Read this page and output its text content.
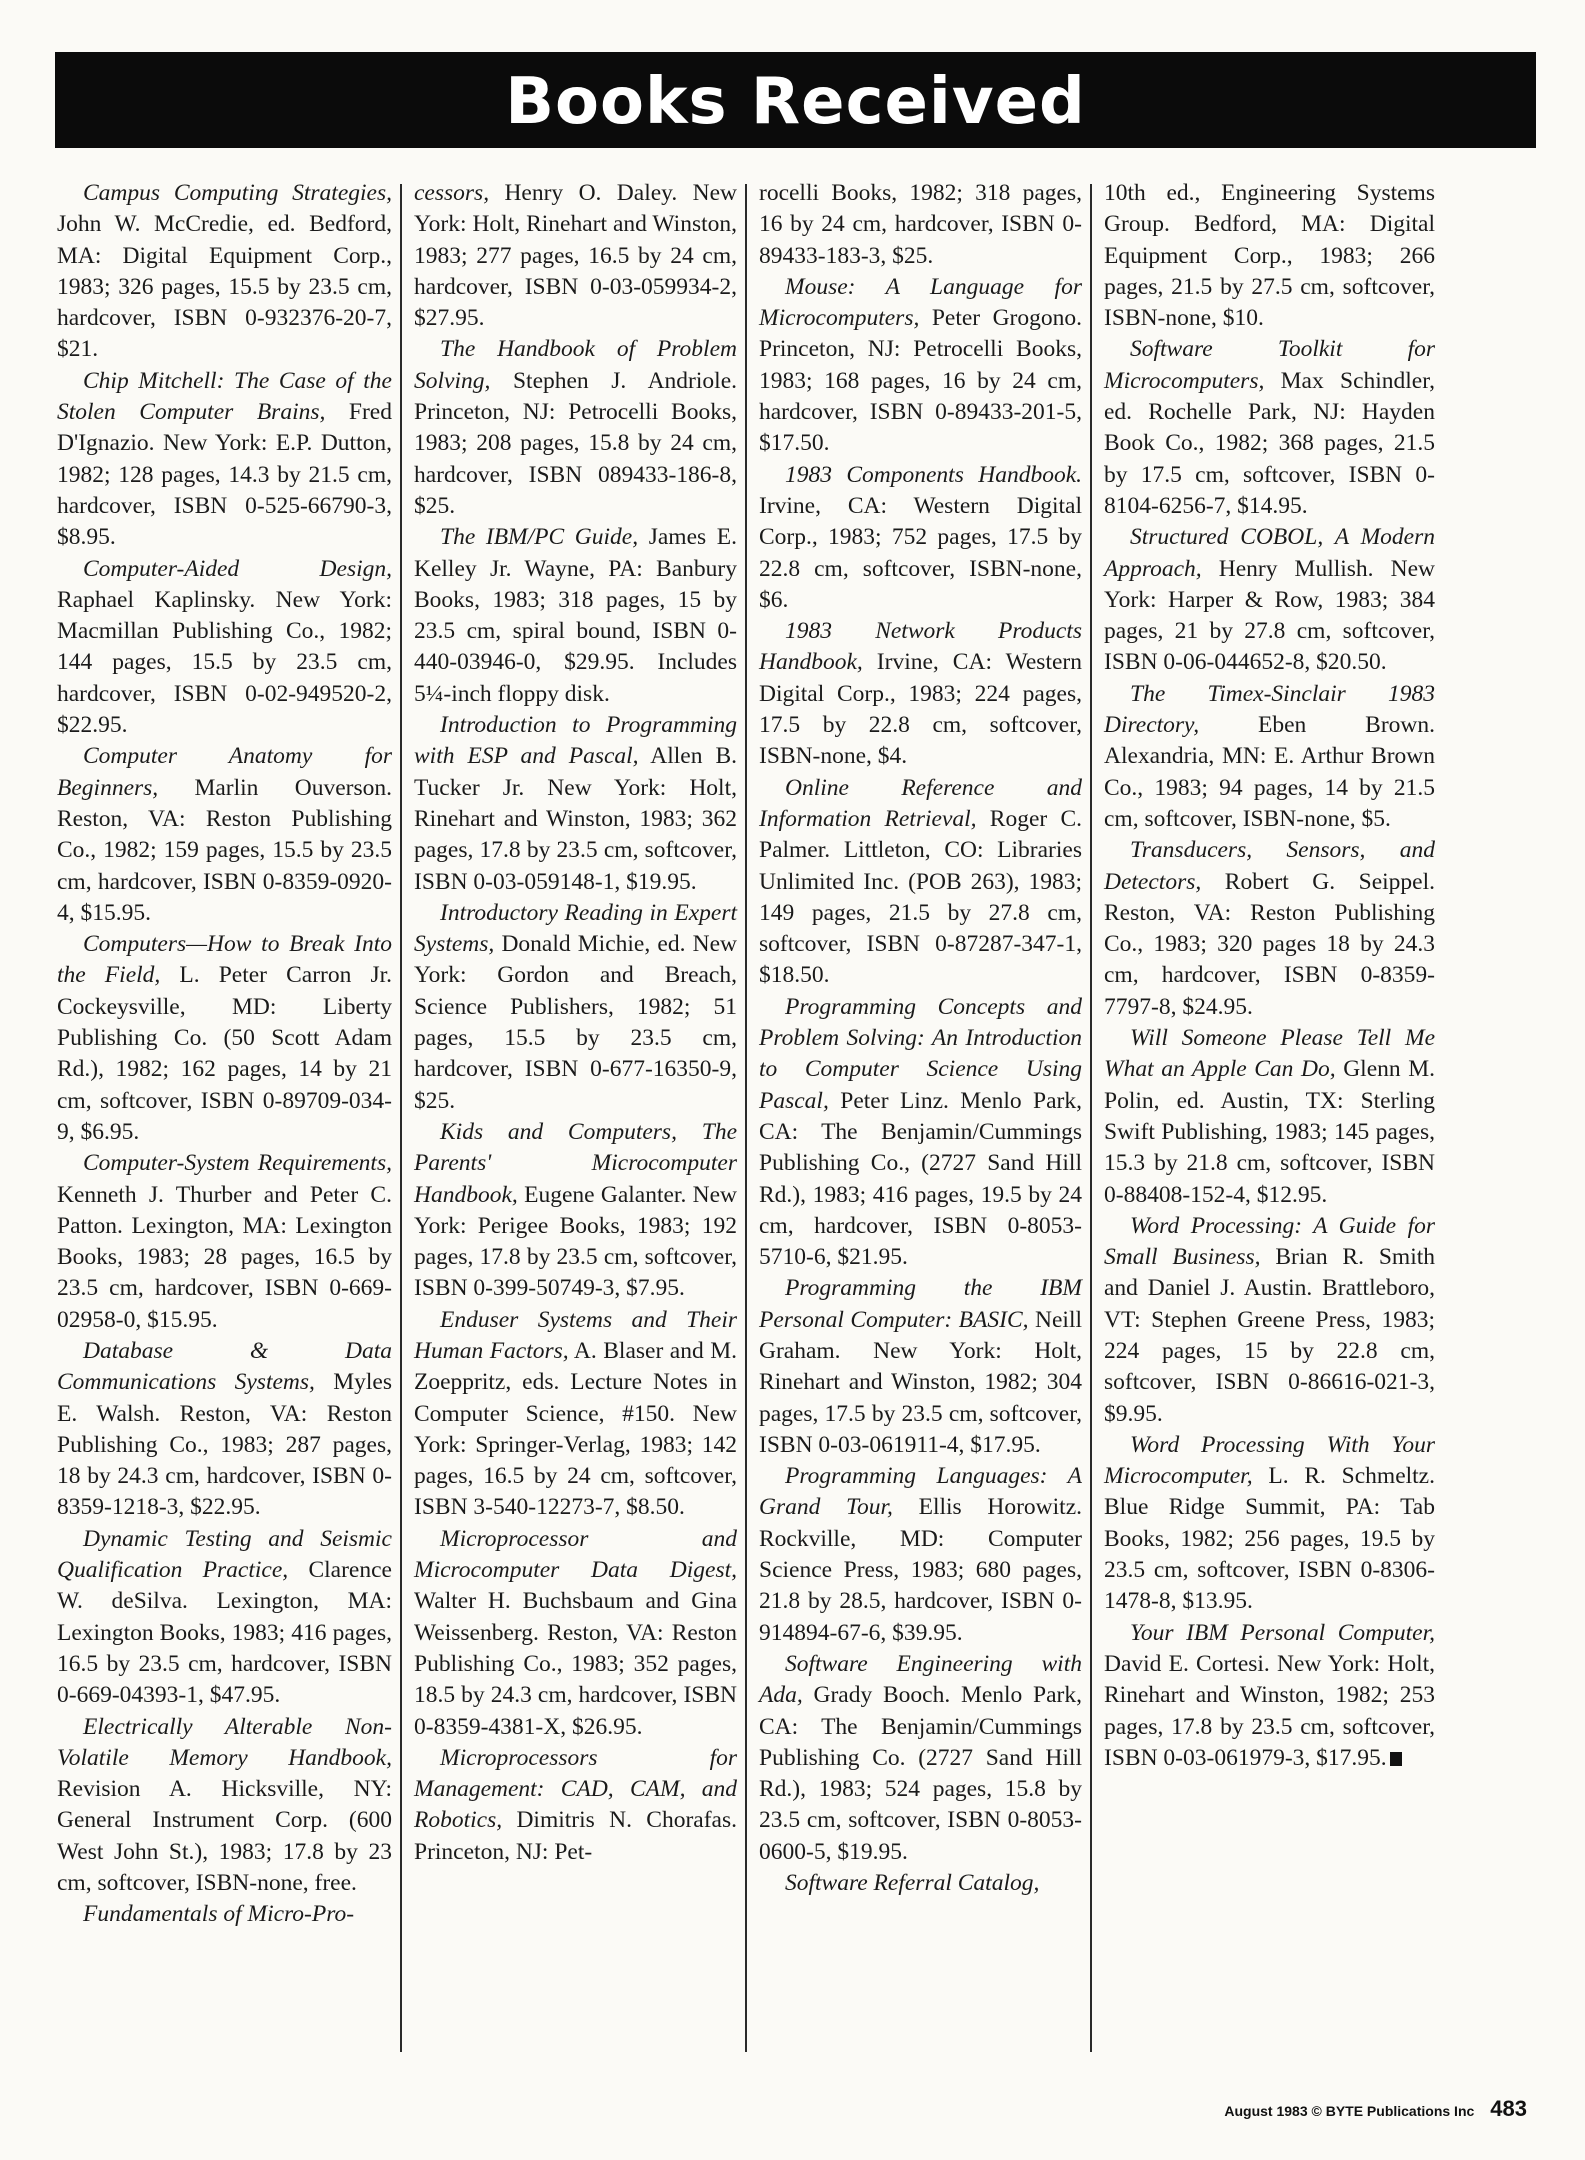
Books Received

Campus Computing Strategies, John W. McCredie, ed. Bedford, MA: Digital Equipment Corp., 1983; 326 pages, 15.5 by 23.5 cm, hardcover, ISBN 0-932376-20-7, $21.

Chip Mitchell: The Case of the Stolen Computer Brains, Fred D'Ignazio. New York: E.P. Dutton, 1982; 128 pages, 14.3 by 21.5 cm, hardcover, ISBN 0-525-66790-3, $8.95.

Computer-Aided Design, Raphael Kaplinsky. New York: Macmillan Publishing Co., 1982; 144 pages, 15.5 by 23.5 cm, hardcover, ISBN 0-02-949520-2, $22.95.

Computer Anatomy for Beginners, Marlin Ouverson. Reston, VA: Reston Publishing Co., 1982; 159 pages, 15.5 by 23.5 cm, hardcover, ISBN 0-8359-0920-4, $15.95.

Computers—How to Break Into the Field, L. Peter Carron Jr. Cockeysville, MD: Liberty Publishing Co. (50 Scott Adam Rd.), 1982; 162 pages, 14 by 21 cm, softcover, ISBN 0-89709-034-9, $6.95.

Computer-System Requirements, Kenneth J. Thurber and Peter C. Patton. Lexington, MA: Lexington Books, 1983; 28 pages, 16.5 by 23.5 cm, hardcover, ISBN 0-669-02958-0, $15.95.

Database & Data Communications Systems, Myles E. Walsh. Reston, VA: Reston Publishing Co., 1983; 287 pages, 18 by 24.3 cm, hardcover, ISBN 0-8359-1218-3, $22.95.

Dynamic Testing and Seismic Qualification Practice, Clarence W. deSilva. Lexington, MA: Lexington Books, 1983; 416 pages, 16.5 by 23.5 cm, hardcover, ISBN 0-669-04393-1, $47.95.

Electrically Alterable Non-Volatile Memory Handbook, Revision A. Hicksville, NY: General Instrument Corp. (600 West John St.), 1983; 17.8 by 23 cm, softcover, ISBN-none, free.

Fundamentals of Micro-Pro-

cessors, Henry O. Daley. New York: Holt, Rinehart and Winston, 1983; 277 pages, 16.5 by 24 cm, hardcover, ISBN 0-03-059934-2, $27.95.

The Handbook of Problem Solving, Stephen J. Andriole. Princeton, NJ: Petrocelli Books, 1983; 208 pages, 15.8 by 24 cm, hardcover, ISBN 089433-186-8, $25.

The IBM/PC Guide, James E. Kelley Jr. Wayne, PA: Banbury Books, 1983; 318 pages, 15 by 23.5 cm, spiral bound, ISBN 0-440-03946-0, $29.95. Includes 5¼-inch floppy disk.

Introduction to Programming with ESP and Pascal, Allen B. Tucker Jr. New York: Holt, Rinehart and Winston, 1983; 362 pages, 17.8 by 23.5 cm, softcover, ISBN 0-03-059148-1, $19.95.

Introductory Reading in Expert Systems, Donald Michie, ed. New York: Gordon and Breach, Science Publishers, 1982; 51 pages, 15.5 by 23.5 cm, hardcover, ISBN 0-677-16350-9, $25.

Kids and Computers, The Parents' Microcomputer Handbook, Eugene Galanter. New York: Perigee Books, 1983; 192 pages, 17.8 by 23.5 cm, softcover, ISBN 0-399-50749-3, $7.95.

Enduser Systems and Their Human Factors, A. Blaser and M. Zoeppritz, eds. Lecture Notes in Computer Science, #150. New York: Springer-Verlag, 1983; 142 pages, 16.5 by 24 cm, softcover, ISBN 3-540-12273-7, $8.50.

Microprocessor and Microcomputer Data Digest, Walter H. Buchsbaum and Gina Weissenberg. Reston, VA: Reston Publishing Co., 1983; 352 pages, 18.5 by 24.3 cm, hardcover, ISBN 0-8359-4381-X, $26.95.

Microprocessors for Management: CAD, CAM, and Robotics, Dimitris N. Chorafas. Princeton, NJ: Pet-

rocelli Books, 1982; 318 pages, 16 by 24 cm, hardcover, ISBN 0-89433-183-3, $25.

Mouse: A Language for Microcomputers, Peter Grogono. Princeton, NJ: Petrocelli Books, 1983; 168 pages, 16 by 24 cm, hardcover, ISBN 0-89433-201-5, $17.50.

1983 Components Handbook. Irvine, CA: Western Digital Corp., 1983; 752 pages, 17.5 by 22.8 cm, softcover, ISBN-none, $6.

1983 Network Products Handbook, Irvine, CA: Western Digital Corp., 1983; 224 pages, 17.5 by 22.8 cm, softcover, ISBN-none, $4.

Online Reference and Information Retrieval, Roger C. Palmer. Littleton, CO: Libraries Unlimited Inc. (POB 263), 1983; 149 pages, 21.5 by 27.8 cm, softcover, ISBN 0-87287-347-1, $18.50.

Programming Concepts and Problem Solving: An Introduction to Computer Science Using Pascal, Peter Linz. Menlo Park, CA: The Benjamin/Cummings Publishing Co., (2727 Sand Hill Rd.), 1983; 416 pages, 19.5 by 24 cm, hardcover, ISBN 0-8053-5710-6, $21.95.

Programming the IBM Personal Computer: BASIC, Neill Graham. New York: Holt, Rinehart and Winston, 1982; 304 pages, 17.5 by 23.5 cm, softcover, ISBN 0-03-061911-4, $17.95.

Programming Languages: A Grand Tour, Ellis Horowitz. Rockville, MD: Computer Science Press, 1983; 680 pages, 21.8 by 28.5, hardcover, ISBN 0-914894-67-6, $39.95.

Software Engineering with Ada, Grady Booch. Menlo Park, CA: The Benjamin/Cummings Publishing Co. (2727 Sand Hill Rd.), 1983; 524 pages, 15.8 by 23.5 cm, softcover, ISBN 0-8053-0600-5, $19.95.

Software Referral Catalog,

10th ed., Engineering Systems Group. Bedford, MA: Digital Equipment Corp., 1983; 266 pages, 21.5 by 27.5 cm, softcover, ISBN-none, $10.

Software Toolkit for Microcomputers, Max Schindler, ed. Rochelle Park, NJ: Hayden Book Co., 1982; 368 pages, 21.5 by 17.5 cm, softcover, ISBN 0-8104-6256-7, $14.95.

Structured COBOL, A Modern Approach, Henry Mullish. New York: Harper & Row, 1983; 384 pages, 21 by 27.8 cm, softcover, ISBN 0-06-044652-8, $20.50.

The Timex-Sinclair 1983 Directory, Eben Brown. Alexandria, MN: E. Arthur Brown Co., 1983; 94 pages, 14 by 21.5 cm, softcover, ISBN-none, $5.

Transducers, Sensors, and Detectors, Robert G. Seippel. Reston, VA: Reston Publishing Co., 1983; 320 pages 18 by 24.3 cm, hardcover, ISBN 0-8359-7797-8, $24.95.

Will Someone Please Tell Me What an Apple Can Do, Glenn M. Polin, ed. Austin, TX: Sterling Swift Publishing, 1983; 145 pages, 15.3 by 21.8 cm, softcover, ISBN 0-88408-152-4, $12.95.

Word Processing: A Guide for Small Business, Brian R. Smith and Daniel J. Austin. Brattleboro, VT: Stephen Greene Press, 1983; 224 pages, 15 by 22.8 cm, softcover, ISBN 0-86616-021-3, $9.95.

Word Processing With Your Microcomputer, L. R. Schmeltz. Blue Ridge Summit, PA: Tab Books, 1982; 256 pages, 19.5 by 23.5 cm, softcover, ISBN 0-8306-1478-8, $13.95.

Your IBM Personal Computer, David E. Cortesi. New York: Holt, Rinehart and Winston, 1982; 253 pages, 17.8 by 23.5 cm, softcover, ISBN 0-03-061979-3, $17.95.

August 1983 © BYTE Publications Inc 483
